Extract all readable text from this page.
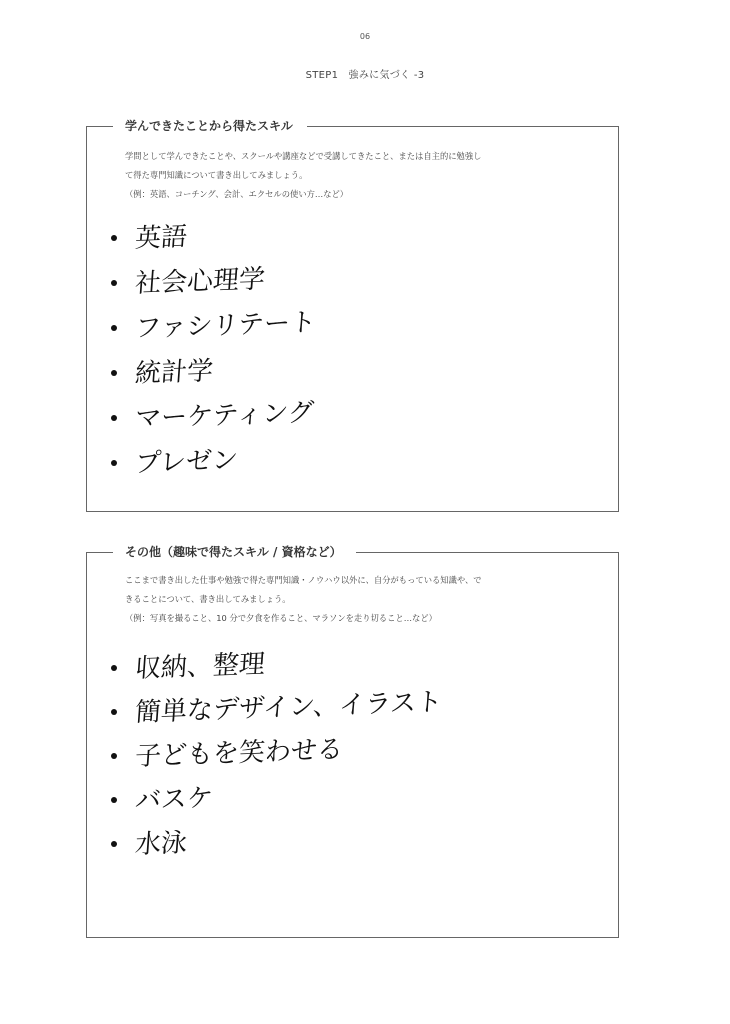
06
STEP1　強みに気づく -3
学んできたことから得たスキル

学問として学んできたことや、スクールや講座などで受講してきたこと、または自主的に勉強し

て得た専門知識について書き出してみましょう。

（例：英語、コーチング、会計、エクセルの使い方…など）

英語
社会心理学
ファシリテート
統計学
マーケティング
プレゼン
その他（趣味で得たスキル / 資格など）

ここまで書き出した仕事や勉強で得た専門知識・ノウハウ以外に、自分がもっている知識や、で

きることについて、書き出してみましょう。

（例：写真を撮ること、10 分で夕食を作ること、マラソンを走り切ること…など）

収納、整理
簡単なデザイン、イラスト
子どもを笑わせる
バスケ
水泳
